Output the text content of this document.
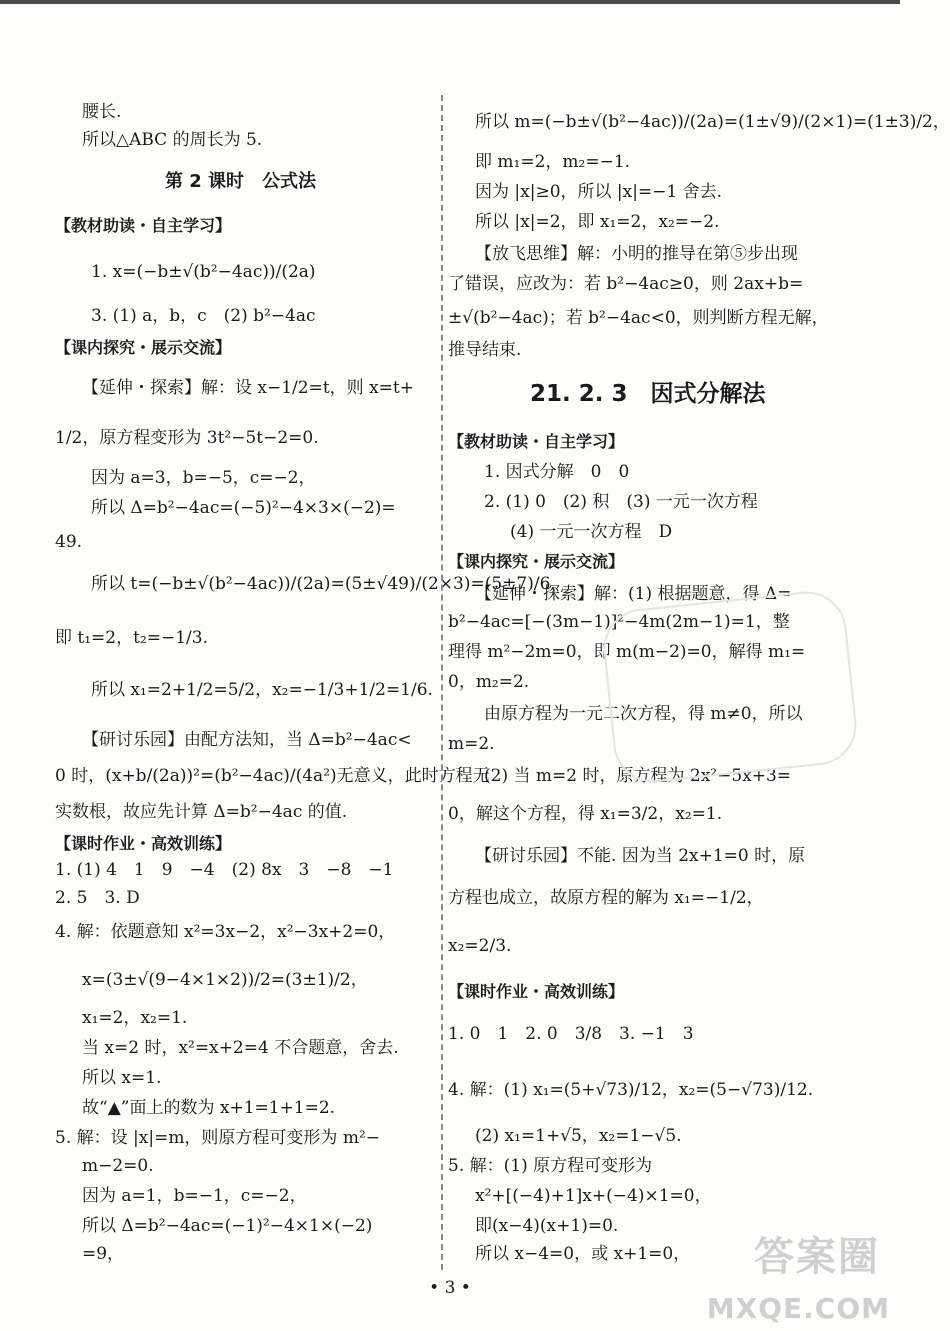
腰长.
所以△ABC 的周长为 5.
第 2 课时　公式法
【教材助读・自主学习】
1. x=(−b±√(b²−4ac))/(2a)
3. (1) a，b，c　(2) b²−4ac
【课内探究・展示交流】
【延伸・探索】解：设 x−1/2=t，则 x=t+
1/2，原方程变形为 3t²−5t−2=0.
因为 a=3，b=−5，c=−2，
所以 Δ=b²−4ac=(−5)²−4×3×(−2)=
49.
所以 t=(−b±√(b²−4ac))/(2a)=(5±√49)/(2×3)=(5±7)/6，
即 t₁=2，t₂=−1/3.
所以 x₁=2+1/2=5/2，x₂=−1/3+1/2=1/6.
【研讨乐园】由配方法知，当 Δ=b²−4ac<
0 时，(x+b/(2a))²=(b²−4ac)/(4a²)无意义，此时方程无
实数根，故应先计算 Δ=b²−4ac 的值.
【课时作业・高效训练】
1. (1) 4　1　9　−4　(2) 8x　3　−8　−1
2. 5　3. D
4. 解：依题意知 x²=3x−2，x²−3x+2=0，
x=(3±√(9−4×1×2))/2=(3±1)/2，
x₁=2，x₂=1.
当 x=2 时，x²=x+2=4 不合题意，舍去.
所以 x=1.
故“▲”面上的数为 x+1=1+1=2.
5. 解：设 |x|=m，则原方程可变形为 m²−
m−2=0.
因为 a=1，b=−1，c=−2，
所以 Δ=b²−4ac=(−1)²−4×1×(−2)
=9，
所以 m=(−b±√(b²−4ac))/(2a)=(1±√9)/(2×1)=(1±3)/2，
即 m₁=2，m₂=−1.
因为 |x|≥0，所以 |x|=−1 舍去.
所以 |x|=2，即 x₁=2，x₂=−2.
【放飞思维】解：小明的推导在第⑤步出现
了错误，应改为：若 b²−4ac≥0，则 2ax+b=
±√(b²−4ac)；若 b²−4ac<0，则判断方程无解，
推导结束.
21. 2. 3　因式分解法
【教材助读・自主学习】
1. 因式分解　0　0
2. (1) 0　(2) 积　(3) 一元一次方程
(4) 一元一次方程　D
【课内探究・展示交流】
【延伸・探索】解：(1) 根据题意，得 Δ=
b²−4ac=[−(3m−1)]²−4m(2m−1)=1，整
理得 m²−2m=0，即 m(m−2)=0，解得 m₁=
0，m₂=2.
由原方程为一元二次方程，得 m≠0，所以
m=2.
(2) 当 m=2 时，原方程为 2x²−5x+3=
0，解这个方程，得 x₁=3/2，x₂=1.
【研讨乐园】不能. 因为当 2x+1=0 时，原
方程也成立，故原方程的解为 x₁=−1/2，
x₂=2/3.
【课时作业・高效训练】
1. 0　1　2. 0　3/8　3. −1　3
4. 解：(1) x₁=(5+√73)/12，x₂=(5−√73)/12.
(2) x₁=1+√5，x₂=1−√5.
5. 解：(1) 原方程可变形为
x²+[(−4)+1]x+(−4)×1=0，
即(x−4)(x+1)=0.
所以 x−4=0，或 x+1=0，
• 3 •
答案圈
MXQE.COM
